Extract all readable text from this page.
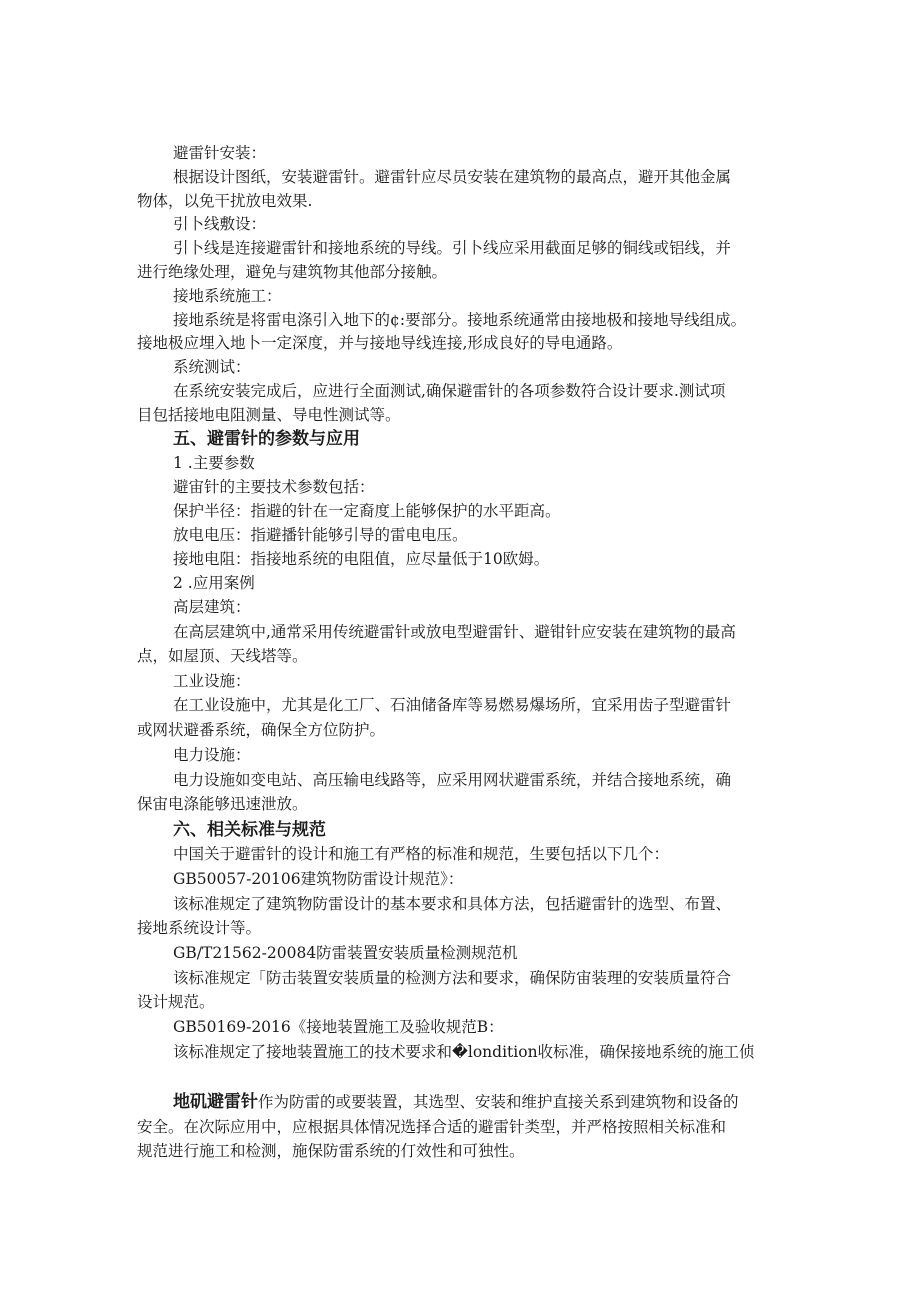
避雷针安装：
根据设计图纸，安装避雷针。避雷针应尽员安装在建筑物的最高点，避开其他金属
物体，以免干扰放电效果.
引卜线敷设：
引卜线是连接避雷针和接地系统的导线。引卜线应采用截面足够的铜线或铝线，并
进行绝缘处理，避免与建筑物其他部分接触。
接地系统施工：
接地系统是将雷电涤引入地下的¢:要部分。接地系统通常由接地极和接地导线组成。
接地极应埋入地卜一定深度，并与接地导线连接,形成良好的导电通路。
系统测试：
在系统安装完成后，应进行全面测试,确保避雷针的各项参数符合设计要求.测试项
目包括接地电阻测量、导电性测试等。
五、避雷针的参数与应用
1 .主要参数
避宙针的主要技术参数包括：
保护半径：指避的针在一定裔度上能够保护的水平距高。
放电电压：指避播针能够引导的雷电电压。
接地电阻：指接地系统的电阻值，应尽量低于10欧姆。
2 .应用案例
高层建筑：
在高层建筑中,通常采用传统避雷针或放电型避雷针、避钳针应安装在建筑物的最高
点，如屋顶、天线塔等。
工业设施：
在工业设施中，尤其是化工厂、石油储备库等易燃易爆场所，宜采用齿子型避雷针
或网状避番系统，确保全方位防护。
电力设施：
电力设施如变电站、高压输电线路等，应采用网状避雷系统，并结合接地系统，确
保宙电涤能够迅速泄放。
六、相关标准与规范
中国关于避雷针的设计和施工有严格的标准和规范，生要包括以下几个：
GB50057-20106建筑物防雷设计规范》：
该标准规定了建筑物防雷设计的基本要求和具体方法，包括避雷针的选型、布置、
接地系统设计等。
GB/T21562-20084防雷装置安装质量检测规范机
该标准规定「防击装置安装质量的检测方法和要求，确保防宙装理的安装质量符合
设计规范。
GB50169-2016《接地装置施工及验收规范B：
该标准规定了接地装置施工的技术要求和�londition收标准，确保接地系统的施工侦
地矶避雷针作为防雷的或要装置，其选型、安装和维护直接关系到建筑物和设备的
安全。在次际应用中，应根据具体情况选择合适的避雷针类型，并严格按照相关标准和
规范进行施工和检测，施保防雷系统的仃效性和可独性。
